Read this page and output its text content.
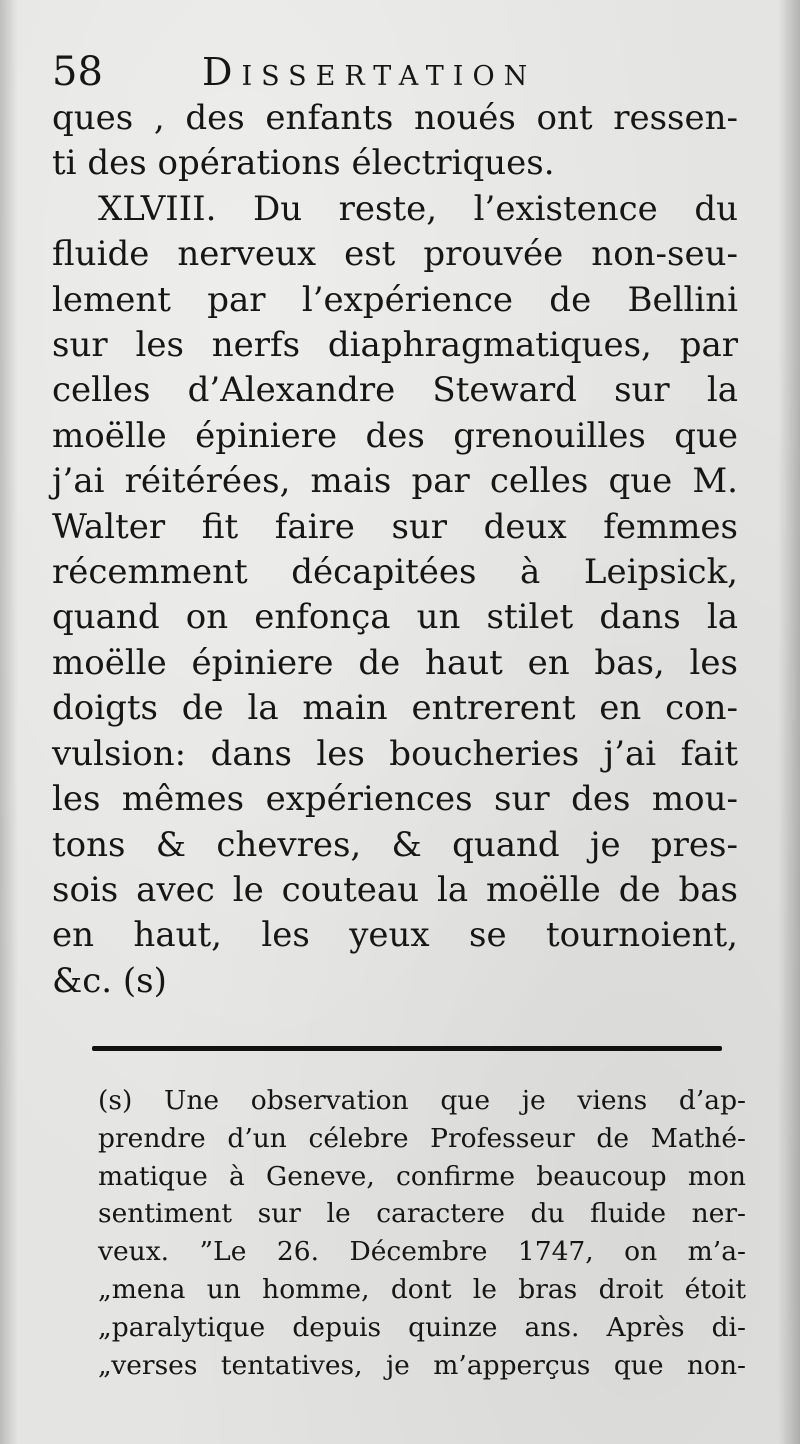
58	Dissertation
ques , des enfants noués ont ressen-
ti des opérations électriques.
XLVIII. Du reste, l’existence du
fluide nerveux est prouvée non-seu-
lement par l’expérience de Bellini
sur les nerfs diaphragmatiques, par
celles d’Alexandre Steward sur la
moëlle épiniere des grenouilles que
j’ai réitérées, mais par celles que M.
Walter fit faire sur deux femmes
récemment décapitées à Leipsick,
quand on enfonça un stilet dans la
moëlle épiniere de haut en bas, les
doigts de la main entrerent en con-
vulsion: dans les boucheries j’ai fait
les mêmes expériences sur des mou-
tons & chevres, & quand je pres-
sois avec le couteau la moëlle de bas
en haut, les yeux se tournoient,
&c. (s)
(s) Une observation que je viens d’ap-
prendre d’un célebre Professeur de Mathé-
matique à Geneve, confirme beaucoup mon
sentiment sur le caractere du fluide ner-
veux. ”Le 26. Décembre 1747, on m’a-
„mena un homme, dont le bras droit étoit
„paralytique depuis quinze ans. Après di-
„verses tentatives, je m’apperçus que non-
